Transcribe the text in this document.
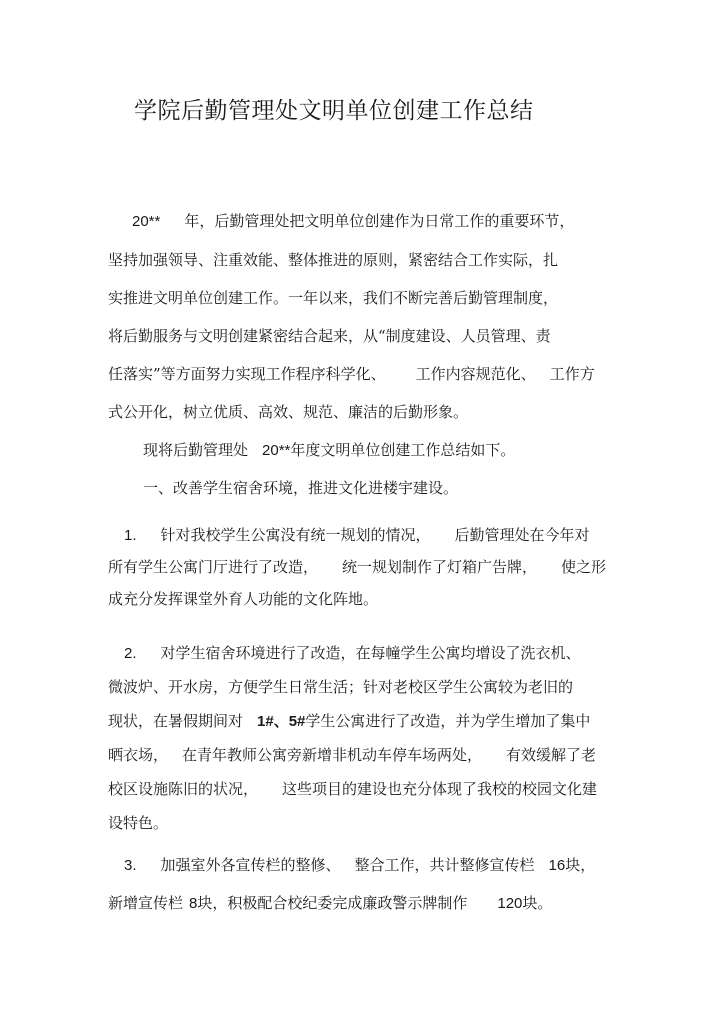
学院后勤管理处文明单位创建工作总结
20** 年，后勤管理处把文明单位创建作为日常工作的重要环节，
坚持加强领导、注重效能、整体推进的原则，紧密结合工作实际，扎
实推进文明单位创建工作。一年以来，我们不断完善后勤管理制度，
将后勤服务与文明创建紧密结合起来，从“制度建设、人员管理、责
任落实”等方面努力实现工作程序科学化、 工作内容规范化、 工作方
式公开化，树立优质、高效、规范、廉洁的后勤形象。
现将后勤管理处 20**年度文明单位创建工作总结如下。
一、改善学生宿舍环境，推进文化进楼宇建设。
1. 针对我校学生公寓没有统一规划的情况， 后勤管理处在今年对
所有学生公寓门厅进行了改造， 统一规划制作了灯箱广告牌， 使之形
成充分发挥课堂外育人功能的文化阵地。
2. 对学生宿舍环境进行了改造，在每幢学生公寓均增设了洗衣机、
微波炉、开水房，方便学生日常生活；针对老校区学生公寓较为老旧的
现状，在暑假期间对 1#、5#学生公寓进行了改造，并为学生增加了集中
晒衣场， 在青年教师公寓旁新增非机动车停车场两处， 有效缓解了老
校区设施陈旧的状况， 这些项目的建设也充分体现了我校的校园文化建
设特色。
3. 加强室外各宣传栏的整修、 整合工作，共计整修宣传栏 16块，
新增宣传栏 8块，积极配合校纪委完成廉政警示牌制作 120块。
